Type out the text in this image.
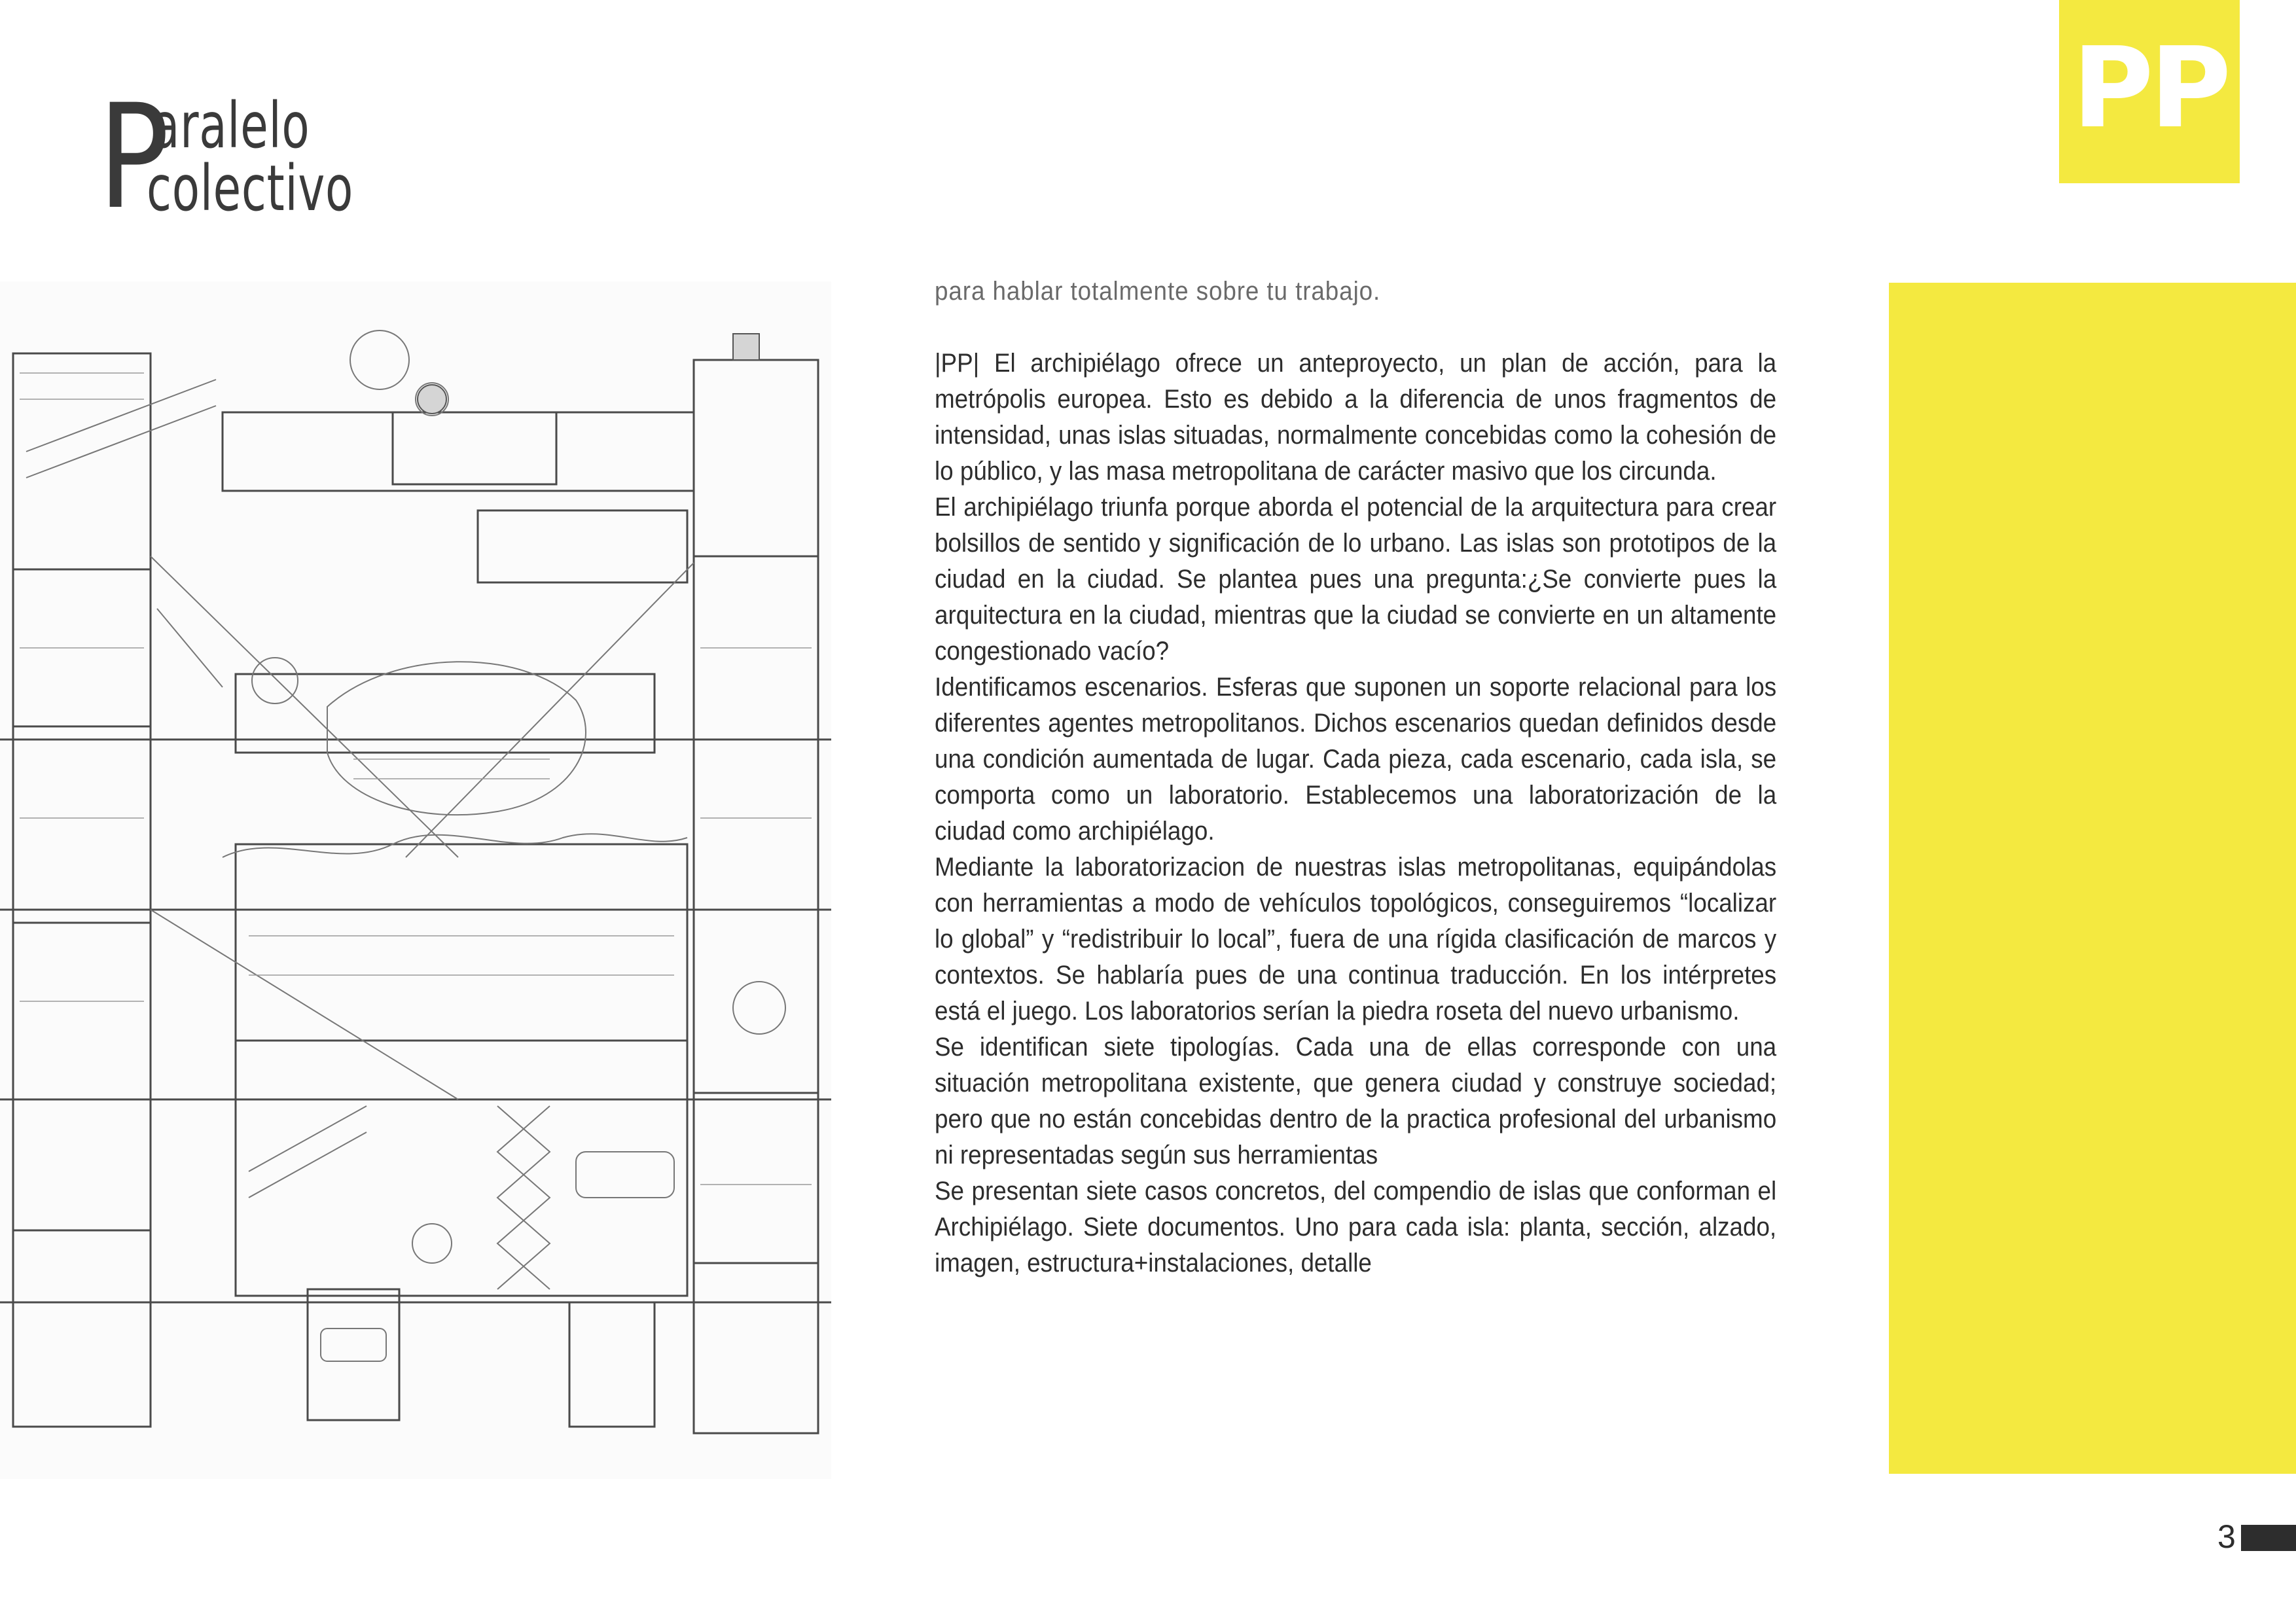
P
aralelo
colectivo
PP

para hablar totalmente sobre tu trabajo.

|PP| El archipiélago ofrece un anteproyecto, un plan de acción, para la metrópolis europea. Esto es debido a la diferencia de unos fragmentos de intensidad, unas islas situadas, normalmente concebidas como la cohesión de lo público, y las masa metropolitana de carácter masivo que los circunda.

El archipiélago triunfa porque aborda el potencial de la arquitectura para crear bolsillos de sentido y significación de lo urbano. Las islas son prototipos de la ciudad en la ciudad. Se plantea pues una pregunta:¿Se convierte pues la arquitectura en la ciudad, mientras que la ciudad se convierte en un altamente congestionado vacío?

Identificamos escenarios. Esferas que suponen un soporte relacional para los diferentes agentes metropolitanos. Dichos escenarios quedan definidos desde una condición aumentada de lugar. Cada pieza, cada escenario, cada isla, se comporta como un laboratorio. Establecemos una laboratorización de la ciudad como archipiélago.

Mediante la laboratorizacion de nuestras islas metropolitanas, equipándolas con herramientas a modo de vehículos topológicos, conseguiremos “localizar lo global” y “redistribuir lo local”, fuera de una rígida clasificación de marcos y contextos. Se hablaría pues de una continua traducción. En los intérpretes está el juego. Los laboratorios serían la piedra roseta del nuevo urbanismo.

Se identifican siete tipologías. Cada una de ellas corresponde con una situación metropolitana existente, que genera ciudad y construye sociedad; pero que no están concebidas dentro de la practica profesional del urbanismo ni representadas según sus herramientas

Se presentan siete casos concretos, del compendio de islas que conforman el Archipiélago. Siete documentos. Uno para cada isla: planta, sección, alzado, imagen, estructura+instalaciones, detalle

3
